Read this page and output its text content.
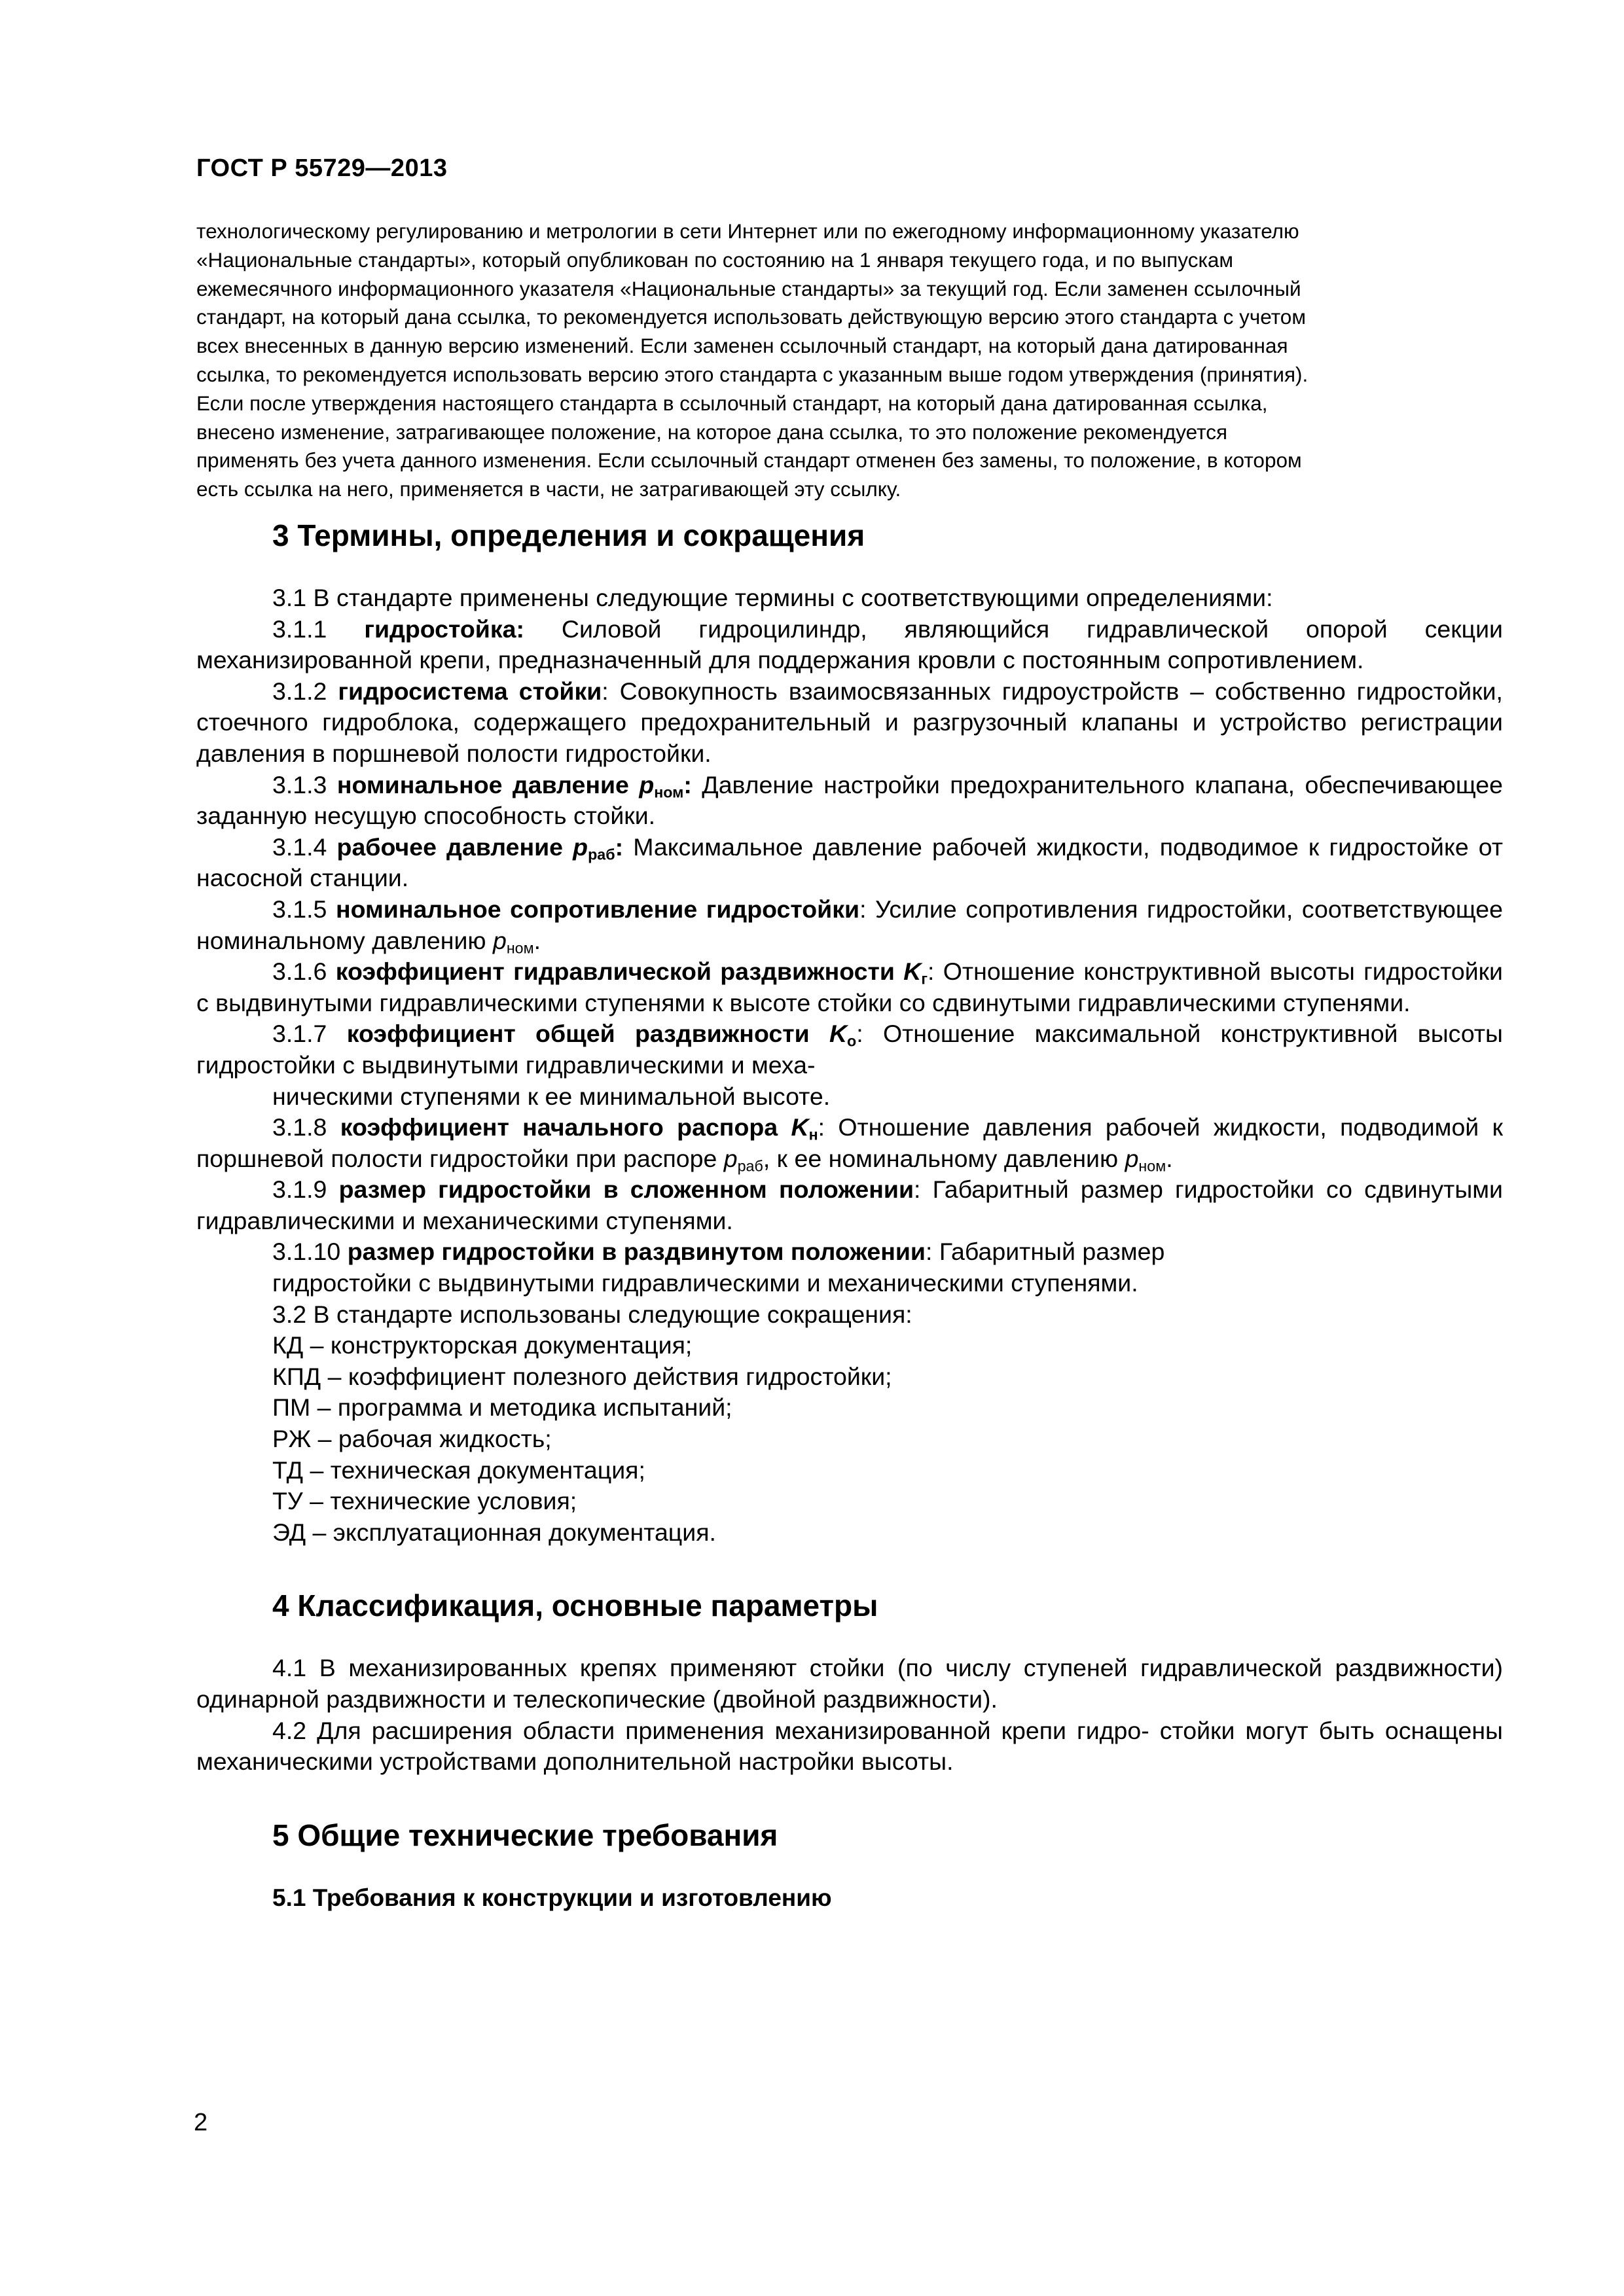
ГОСТ Р 55729—2013

технологическому регулированию и метрологии в сети Интернет или по ежегодному информационному указателю

«Национальные стандарты», который опубликован по состоянию на 1 января текущего года, и по выпускам

ежемесячного информационного указателя «Национальные стандарты» за текущий год. Если заменен ссылочный

стандарт, на который дана ссылка, то рекомендуется использовать действующую версию этого стандарта с учетом

всех внесенных в данную версию изменений. Если заменен ссылочный стандарт, на который дана датированная

ссылка, то рекомендуется использовать версию этого стандарта с указанным выше годом утверждения (принятия).

Если после утверждения настоящего стандарта в ссылочный стандарт, на который дана датированная ссылка,

внесено изменение, затрагивающее положение, на которое дана ссылка, то это положение рекомендуется

применять без учета данного изменения. Если ссылочный стандарт отменен без замены, то положение, в котором

есть ссылка на него, применяется в части, не затрагивающей эту ссылку.

3 Термины, определения и сокращения

3.1 В стандарте применены следующие термины с соответствующими определениями:

3.1.1 гидростойка: Силовой гидроцилиндр, являющийся гидравлической опорой секции механизированной крепи, предназначенный для поддержания кровли с постоянным сопротивлением.

3.1.2 гидросистема стойки: Совокупность взаимосвязанных гидроустройств – собственно гидростойки, стоечного гидроблока, содержащего предохранительный и разгрузочный клапаны и устройство регистрации давления в поршневой полости гидростойки.

3.1.3 номинальное давление $p_{ном}$: Давление настройки предохранительного клапана, обеспечивающее заданную несущую способность стойки.

3.1.4 рабочее давление $p_{раб}$: Максимальное давление рабочей жидкости, подводимое к гидростойке от насосной станции.

3.1.5 номинальное сопротивление гидростойки: Усилие сопротивления гидростойки, соответствующее номинальному давлению $p_{ном}$.

3.1.6 коэффициент гидравлической раздвижности $K_г$: Отношение конструктивной высоты гидростойки с выдвинутыми гидравлическими ступенями к высоте стойки со сдвинутыми гидравлическими ступенями.

3.1.7 коэффициент общей раздвижности $K_о$: Отношение максимальной конструктивной высоты гидростойки с выдвинутыми гидравлическими и меха-

ническими ступенями к ее минимальной высоте.

3.1.8 коэффициент начального распора $K_н$: Отношение давления рабочей жидкости, подводимой к поршневой полости гидростойки при распоре $p_{раб}$, к ее номинальному давлению $p_{ном}$.

3.1.9 размер гидростойки в сложенном положении: Габаритный размер гидростойки со сдвинутыми гидравлическими и механическими ступенями.

3.1.10 размер гидростойки в раздвинутом положении: Габаритный размер

гидростойки с выдвинутыми гидравлическими и механическими ступенями.

3.2 В стандарте использованы следующие сокращения:

КД – конструкторская документация;

КПД – коэффициент полезного действия гидростойки;

ПМ – программа и методика испытаний;

РЖ – рабочая жидкость;

ТД – техническая документация;

ТУ – технические условия;

ЭД – эксплуатационная документация.

4 Классификация, основные параметры

4.1 В механизированных крепях применяют стойки (по числу ступеней гидравлической раздвижности) одинарной раздвижности и телескопические (двойной раздвижности).

4.2 Для расширения области применения механизированной крепи гидро- стойки могут быть оснащены механическими устройствами дополнительной настройки высоты.

5 Общие технические требования
5.1 Требования к конструкции и изготовлению
2
